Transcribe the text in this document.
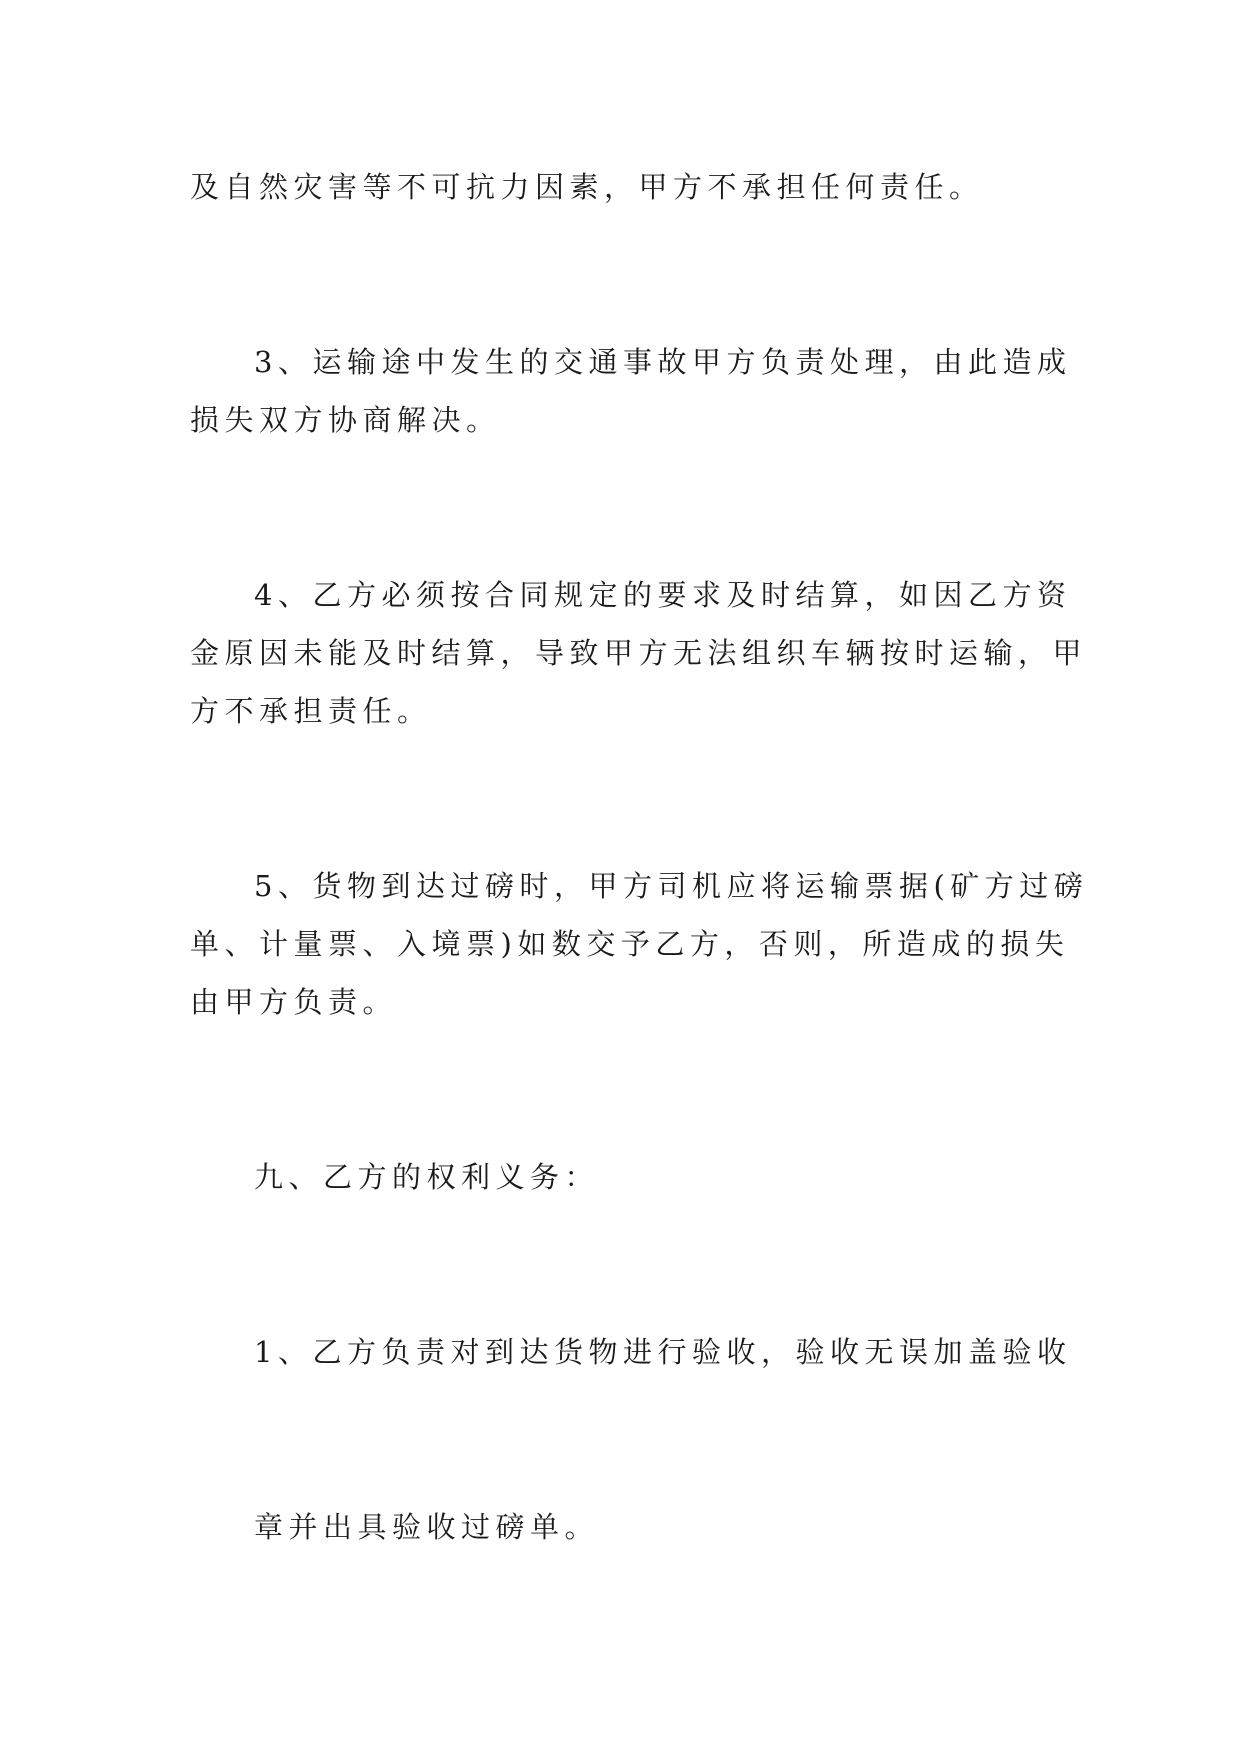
及自然灾害等不可抗力因素，甲方不承担任何责任。
3、运输途中发生的交通事故甲方负责处理，由此造成
损失双方协商解决。
4、乙方必须按合同规定的要求及时结算，如因乙方资
金原因未能及时结算，导致甲方无法组织车辆按时运输，甲
方不承担责任。
5、货物到达过磅时，甲方司机应将运输票据(矿方过磅
单、计量票、入境票)如数交予乙方，否则，所造成的损失
由甲方负责。
九、乙方的权利义务：
1、乙方负责对到达货物进行验收，验收无误加盖验收
章并出具验收过磅单。
